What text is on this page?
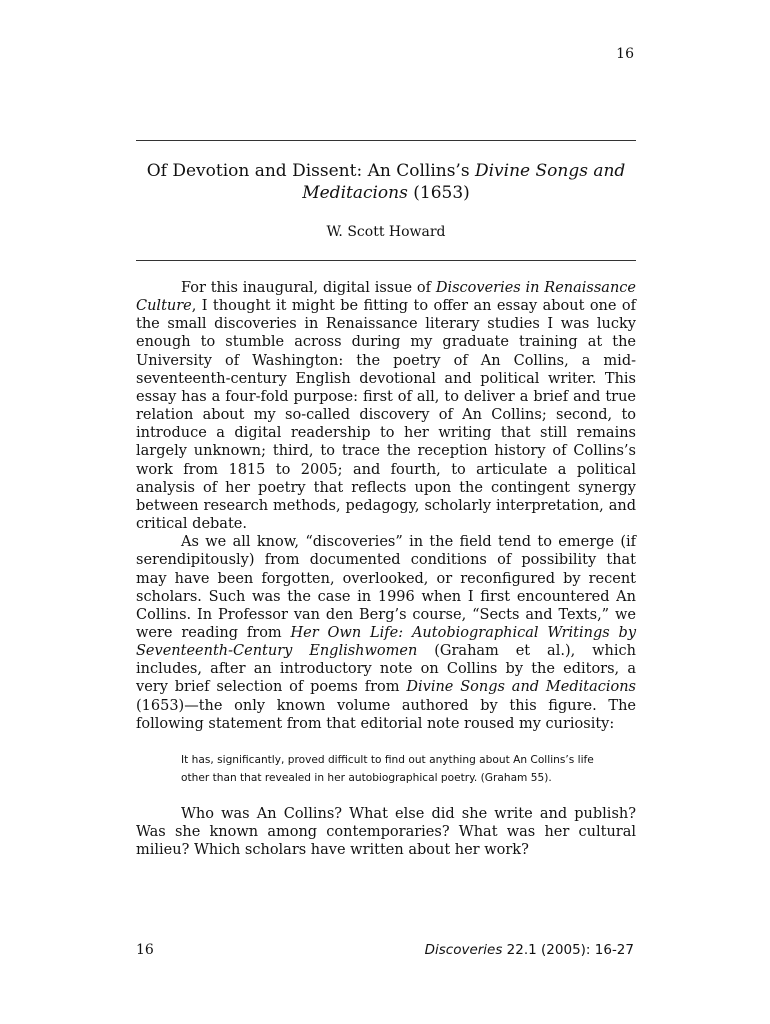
16
Of Devotion and Dissent: An Collins’s Divine Songs and Meditacions (1653)
W. Scott Howard

For this inaugural, digital issue of Discoveries in Renaissance Culture, I thought it might be fitting to offer an essay about one of the small discoveries in Renaissance literary studies I was lucky enough to stumble across during my graduate training at the University of Washington: the poetry of An Collins, a mid-seventeenth-century English devotional and political writer. This essay has a four-fold purpose: first of all, to deliver a brief and true relation about my so-called discovery of An Collins; second, to introduce a digital readership to her writing that still remains largely unknown; third, to trace the reception history of Collins’s work from 1815 to 2005; and fourth, to articulate a political analysis of her poetry that reflects upon the contingent synergy between research methods, pedagogy, scholarly interpretation, and critical debate.

As we all know, “discoveries” in the field tend to emerge (if serendipitously) from documented conditions of possibility that may have been forgotten, overlooked, or reconfigured by recent scholars. Such was the case in 1996 when I first encountered An Collins. In Professor van den Berg’s course, “Sects and Texts,” we were reading from Her Own Life: Autobiographical Writings by Seventeenth-Century Englishwomen (Graham et al.), which includes, after an introductory note on Collins by the editors, a very brief selection of poems from Divine Songs and Meditacions (1653)—the only known volume authored by this figure. The following statement from that editorial note roused my curiosity:

It has, significantly, proved difficult to find out anything about An Collins’s life other than that revealed in her autobiographical poetry. (Graham 55).

Who was An Collins? What else did she write and publish? Was she known among contemporaries? What was her cultural milieu? Which scholars have written about her work?

16	Discoveries 22.1 (2005): 16-27
